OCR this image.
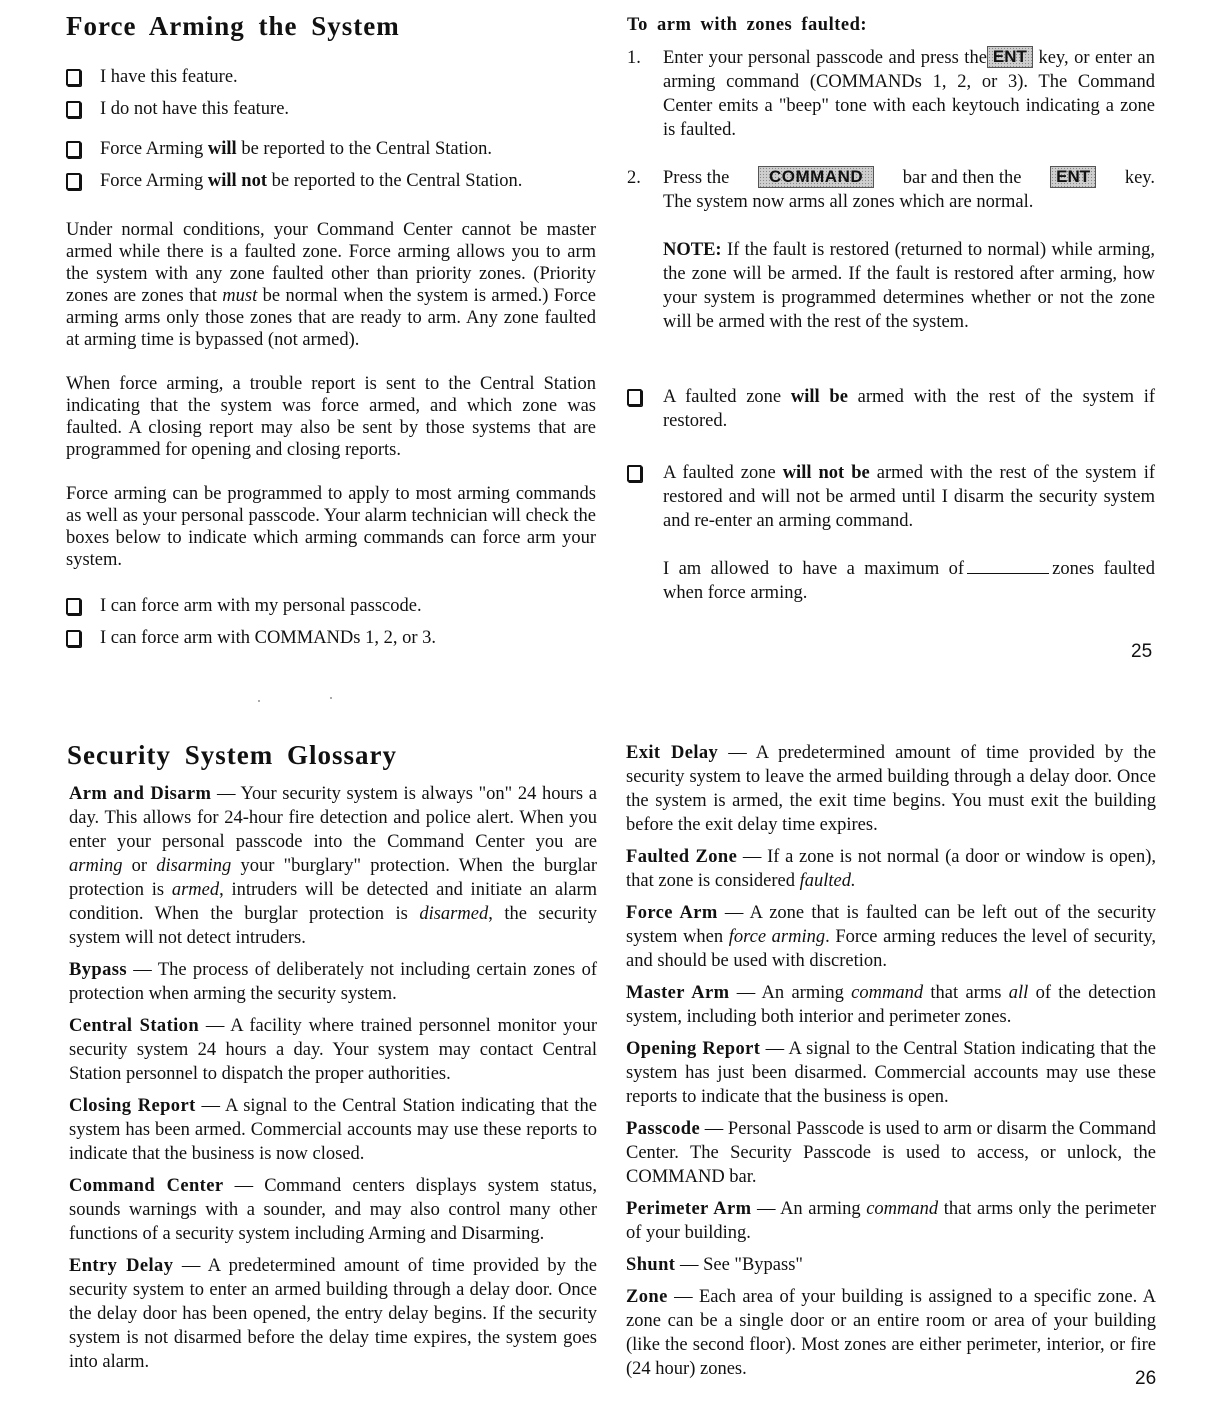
Force Arming the System
I have this feature.
I do not have this feature.
Force Arming will be reported to the Central Station.
Force Arming will not be reported to the Central Station.
Under normal conditions, your Command Center cannot be master armed while there is a faulted zone. Force arming allows you to arm the system with any zone faulted other than priority zones. (Priority zones are zones that must be normal when the system is armed.) Force arming arms only those zones that are ready to arm. Any zone faulted at arming time is bypassed (not armed).
When force arming, a trouble report is sent to the Central Station indicating that the system was force armed, and which zone was faulted. A closing report may also be sent by those systems that are programmed for opening and closing reports.
Force arming can be programmed to apply to most arming commands as well as your personal passcode. Your alarm technician will check the boxes below to indicate which arming commands can force arm your system.
I can force arm with my personal passcode.
I can force arm with COMMANDs 1, 2, or 3.
To arm with zones faulted:
1.	Enter your personal passcode and press the ENT key, or enter an arming command (COMMANDs 1, 2, or 3). The Command Center emits a "beep" tone with each keytouch indicating a zone is faulted.
2.	Press the	COMMAND	bar and then the	ENT	key.
The system now arms all zones which are normal.
NOTE: If the fault is restored (returned to normal) while arming, the zone will be armed. If the fault is restored after arming, how your system is programmed determines whether or not the zone will be armed with the rest of the system.
A faulted zone will be armed with the rest of the system if restored.
A faulted zone will not be armed with the rest of the system if restored and will not be armed until I disarm the security system and re-enter an arming command.
I am allowed to have a maximum of	zones faulted when force arming.
25
Security System Glossary
Arm and Disarm — Your security system is always "on" 24 hours a day. This allows for 24-hour fire detection and police alert. When you enter your personal passcode into the Command Center you are arming or disarming your "burglary" protection. When the burglar protection is armed, intruders will be detected and initiate an alarm condition. When the burglar protection is disarmed, the security system will not detect intruders.
Bypass — The process of deliberately not including certain zones of protection when arming the security system.
Central Station — A facility where trained personnel monitor your security system 24 hours a day. Your system may contact Central Station personnel to dispatch the proper authorities.
Closing Report — A signal to the Central Station indicating that the system has been armed. Commercial accounts may use these reports to indicate that the business is now closed.
Command Center — Command centers displays system status, sounds warnings with a sounder, and may also control many other functions of a security system including Arming and Disarming.
Entry Delay — A predetermined amount of time provided by the security system to enter an armed building through a delay door. Once the delay door has been opened, the entry delay begins. If the security system is not disarmed before the delay time expires, the system goes into alarm.
Exit Delay — A predetermined amount of time provided by the security system to leave the armed building through a delay door. Once the system is armed, the exit time begins. You must exit the building before the exit delay time expires.
Faulted Zone — If a zone is not normal (a door or window is open), that zone is considered faulted.
Force Arm — A zone that is faulted can be left out of the security system when force arming. Force arming reduces the level of security, and should be used with discretion.
Master Arm — An arming command that arms all of the detection system, including both interior and perimeter zones.
Opening Report — A signal to the Central Station indicating that the system has just been disarmed. Commercial accounts may use these reports to indicate that the business is open.
Passcode — Personal Passcode is used to arm or disarm the Command Center. The Security Passcode is used to access, or unlock, the COMMAND bar.
Perimeter Arm — An arming command that arms only the perimeter of your building.
Shunt — See "Bypass"
Zone — Each area of your building is assigned to a specific zone. A zone can be a single door or an entire room or area of your building (like the second floor). Most zones are either perimeter, interior, or fire (24 hour) zones.	26
